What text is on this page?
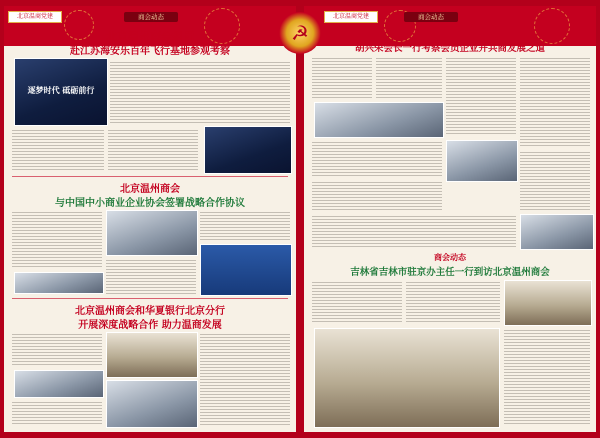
北京温商党建	商会动态
北京温州商会组团
赴江苏海安乐百年飞行基地参观考察
逐梦时代 砥砺前行
北京温州商会
与中国中小商业企业协会签署战略合作协议
北京温州商会和华夏银行北京分行
开展深度战略合作 助力温商发展
北京温商党建	商会动态
胡兴荣会长一行考察会员企业并共商发展之道
商会动态
吉林省吉林市驻京办主任一行到访北京温州商会
☭
